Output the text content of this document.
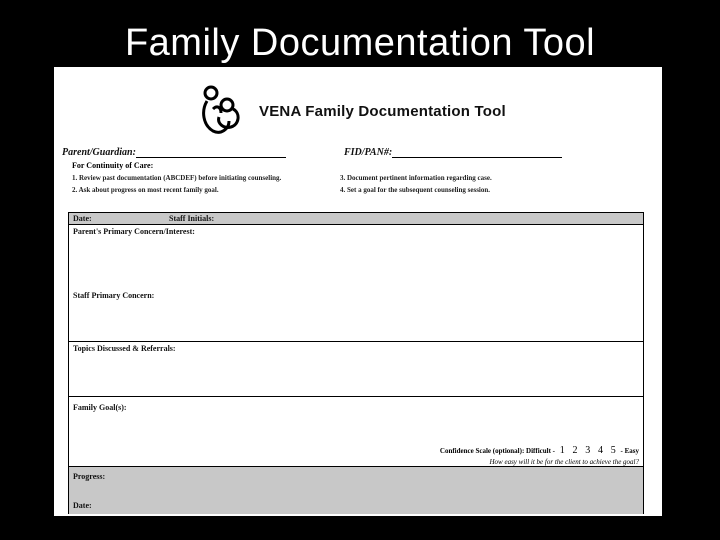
Family Documentation Tool
VENA Family Documentation Tool
Parent/Guardian:	FID/PAN#:
For Continuity of Care:
1. Review past documentation (ABCDEF) before initiating counseling.
2. Ask about progress on most recent family goal.
3. Document pertinent information regarding case.
4. Set a goal for the subsequent counseling session.
Date:	Staff Initials:
Parent's Primary Concern/Interest:
Staff Primary Concern:
Topics Discussed & Referrals:
Family Goal(s):
Confidence Scale (optional): Difficult - 1 2 3 4 5 - Easy
How easy will it be for the client to achieve the goal?
Progress:
Date:
